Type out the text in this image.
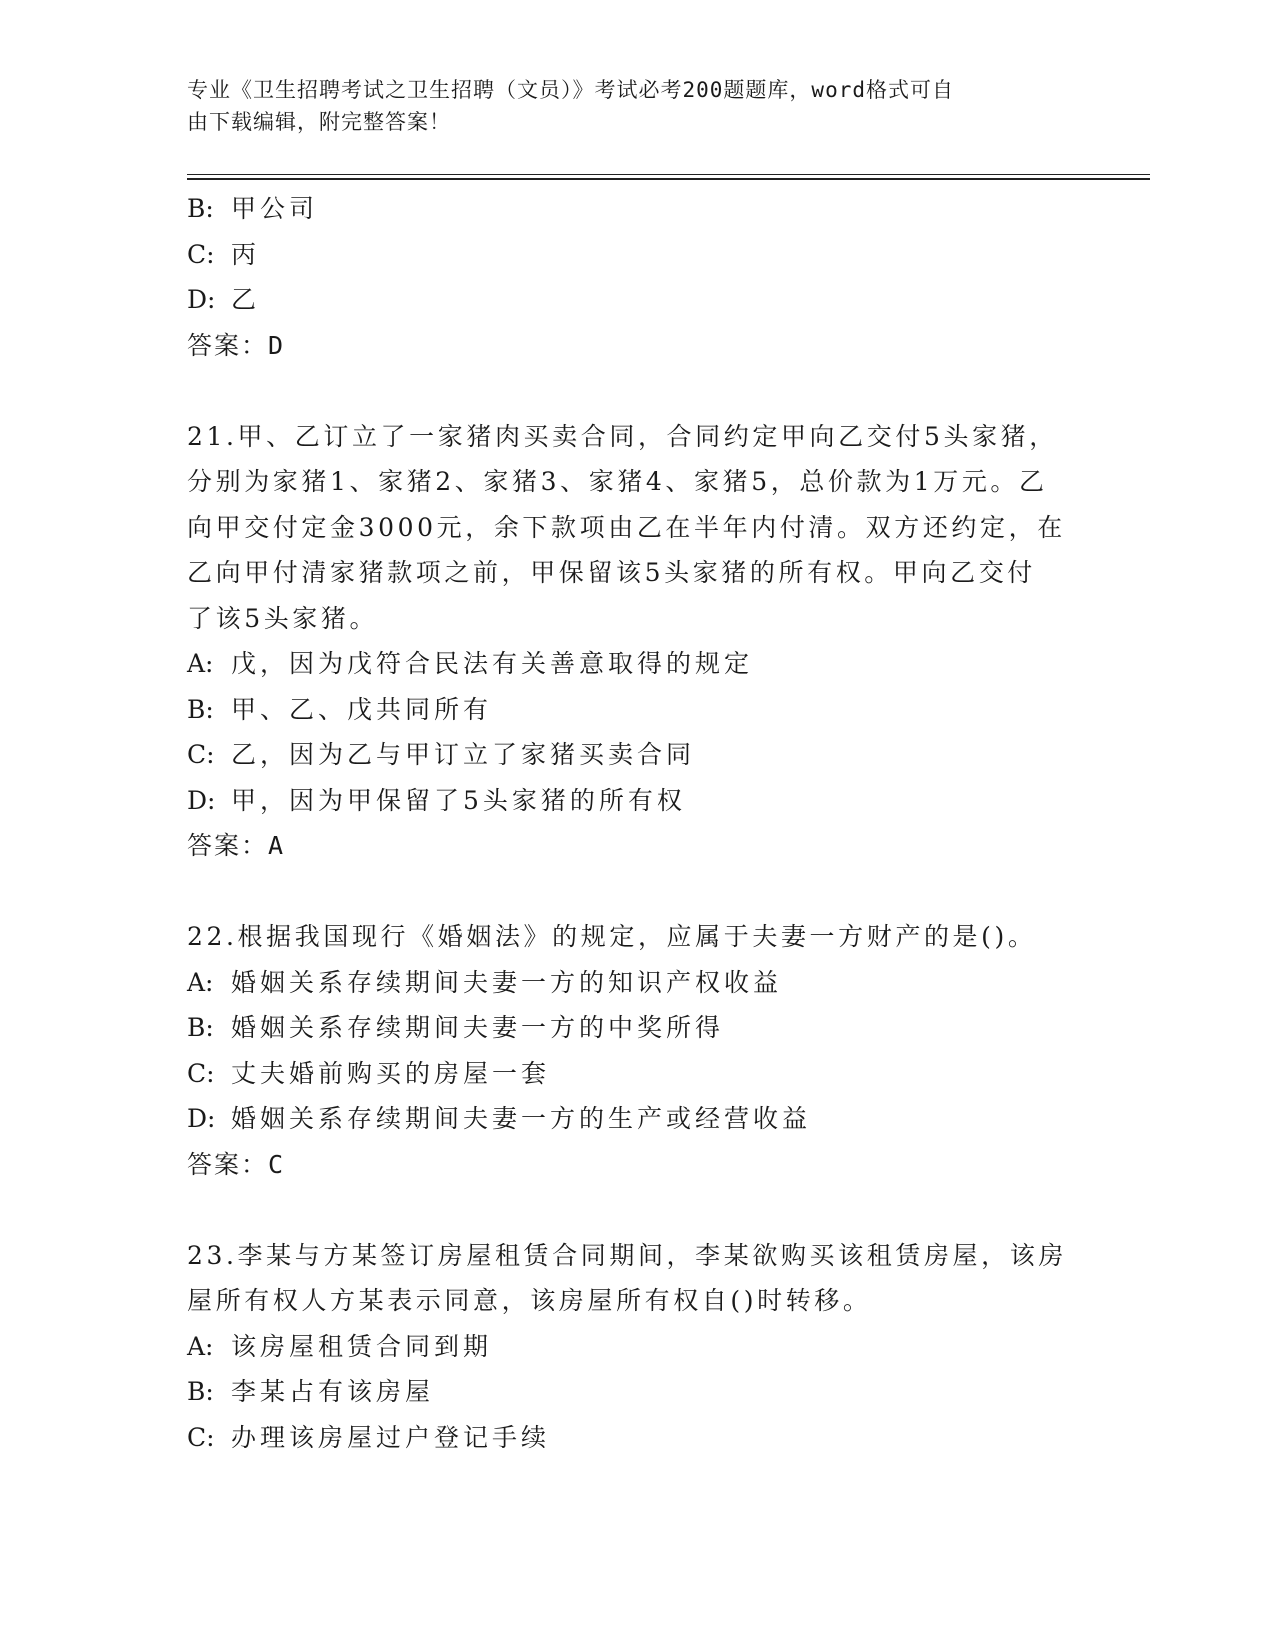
专业《卫生招聘考试之卫生招聘（文员）》考试必考200题题库，word格式可自
由下载编辑，附完整答案！
B: 甲公司
C: 丙
D: 乙
答案：D
21.甲、乙订立了一家猪肉买卖合同，合同约定甲向乙交付5头家猪，
分别为家猪1、家猪2、家猪3、家猪4、家猪5，总价款为1万元。乙
向甲交付定金3000元，余下款项由乙在半年内付清。双方还约定，在
乙向甲付清家猪款项之前，甲保留该5头家猪的所有权。甲向乙交付
了该5头家猪。
A: 戊，因为戊符合民法有关善意取得的规定
B: 甲、乙、戊共同所有
C: 乙，因为乙与甲订立了家猪买卖合同
D: 甲，因为甲保留了5头家猪的所有权
答案：A
22.根据我国现行《婚姻法》的规定，应属于夫妻一方财产的是()。
A: 婚姻关系存续期间夫妻一方的知识产权收益
B: 婚姻关系存续期间夫妻一方的中奖所得
C: 丈夫婚前购买的房屋一套
D: 婚姻关系存续期间夫妻一方的生产或经营收益
答案：C
23.李某与方某签订房屋租赁合同期间，李某欲购买该租赁房屋，该房
屋所有权人方某表示同意，该房屋所有权自()时转移。
A: 该房屋租赁合同到期
B: 李某占有该房屋
C: 办理该房屋过户登记手续
